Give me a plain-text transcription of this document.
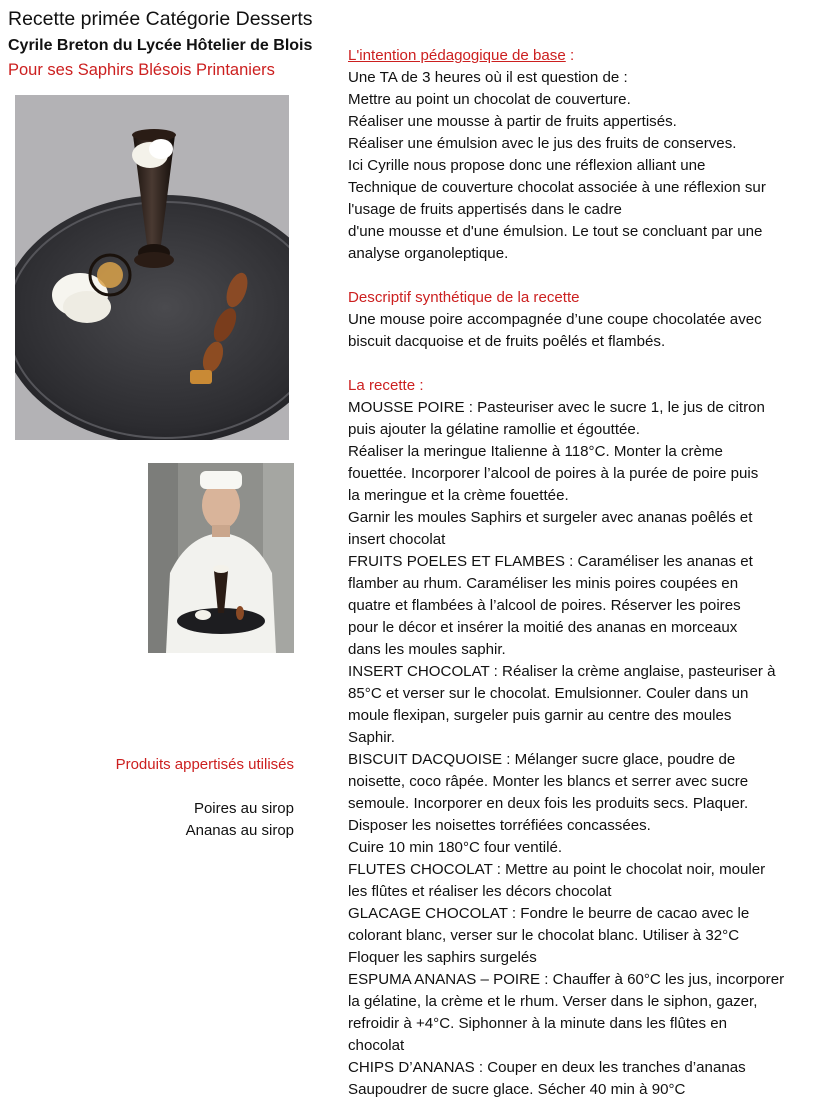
Recette primée Catégorie Desserts
Cyrile Breton du Lycée Hôtelier de Blois
Pour ses Saphirs Blésois Printaniers

L'intention pédagogique de base :

Une TA de 3 heures où il est question de :

Mettre au point un chocolat de couverture.

Réaliser une mousse à partir de fruits appertisés.

Réaliser une émulsion avec le jus des fruits de conserves.

Ici Cyrille nous propose donc une réflexion alliant une

Technique de couverture chocolat associée à une réflexion sur

l'usage de fruits appertisés dans le cadre

d'une mousse et d'une émulsion. Le tout se concluant par une

analyse organoleptique.

Descriptif synthétique de la recette

Une mouse poire accompagnée d’une coupe chocolatée avec

biscuit dacquoise et de fruits poêlés et flambés.

La recette :

MOUSSE POIRE : Pasteuriser avec le sucre 1, le jus de citron

puis ajouter la gélatine ramollie et égouttée.

Réaliser la meringue Italienne à 118°C. Monter la crème

fouettée. Incorporer l’alcool de poires à la purée de poire puis

la meringue et la crème fouettée.

Garnir les moules Saphirs et surgeler avec ananas poêlés et

insert chocolat

FRUITS POELES ET FLAMBES : Caraméliser les ananas et

flamber au rhum. Caraméliser les minis poires coupées en

quatre et flambées à l’alcool de poires. Réserver les poires

pour le décor et insérer la moitié des ananas en morceaux

dans les moules saphir.

INSERT CHOCOLAT : Réaliser la crème anglaise, pasteuriser à

85°C et verser sur le chocolat. Emulsionner. Couler dans un

moule flexipan, surgeler puis garnir au centre des moules

Saphir.

BISCUIT DACQUOISE : Mélanger sucre glace, poudre de

noisette, coco râpée. Monter les blancs et serrer avec sucre

semoule. Incorporer en deux fois les produits secs. Plaquer.

Disposer les noisettes torréfiées concassées.

Cuire 10 min 180°C four ventilé.

FLUTES CHOCOLAT : Mettre au point le chocolat noir, mouler

les flûtes et réaliser les décors chocolat

GLACAGE CHOCOLAT : Fondre le beurre de cacao avec le

colorant blanc, verser sur le chocolat blanc. Utiliser à 32°C

Floquer les saphirs surgelés

ESPUMA ANANAS – POIRE : Chauffer à 60°C les jus, incorporer

la gélatine, la crème et le rhum. Verser dans le siphon, gazer,

refroidir à +4°C. Siphonner à la minute dans les flûtes en

chocolat

CHIPS D’ANANAS : Couper en deux les tranches d’ananas

Saupoudrer de sucre glace. Sécher 40 min à 90°C

Produits appertisés utilisés

Poires au sirop

Ananas au sirop
